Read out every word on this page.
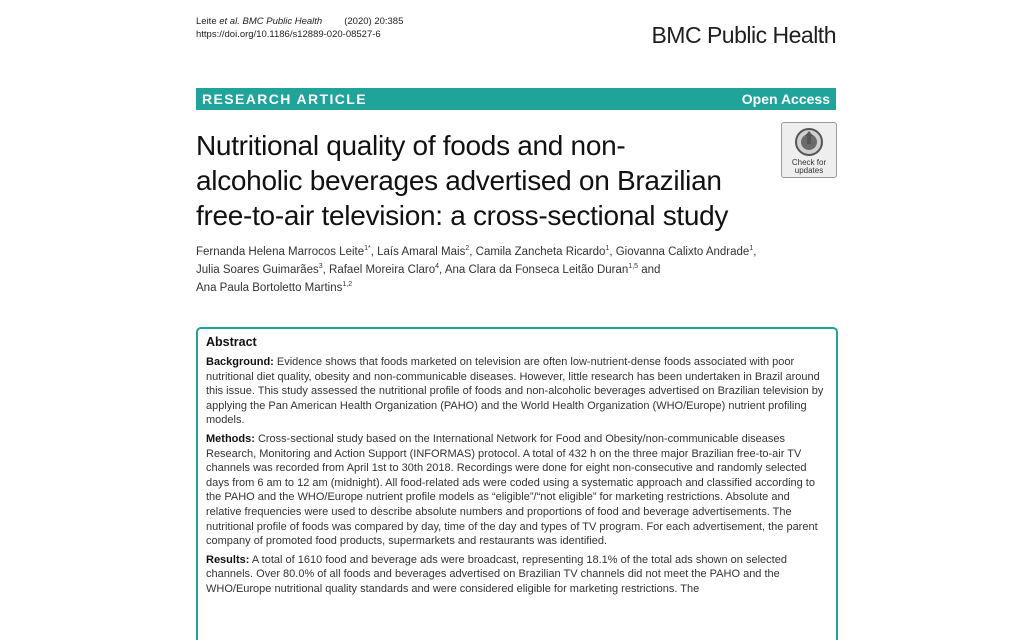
Leite et al. BMC Public Health (2020) 20:385
https://doi.org/10.1186/s12889-020-08527-6	BMC Public Health
RESEARCH ARTICLE	Open Access
Nutritional quality of foods and non-
alcoholic beverages advertised on Brazilian
free-to-air television: a cross-sectional study
Check for
updates
Fernanda Helena Marrocos Leite$^{1*}$, Laís Amaral Mais$^2$, Camila Zancheta Ricardo$^1$, Giovanna Calixto Andrade$^1$,
Julia Soares Guimarães$^3$, Rafael Moreira Claro$^4$, Ana Clara da Fonseca Leitão Duran$^{1,5}$ and
Ana Paula Bortoletto Martins$^{1,2}$
Abstract

Background: Evidence shows that foods marketed on television are often low-nutrient-dense foods associated with poor nutritional diet quality, obesity and non-communicable diseases. However, little research has been undertaken in Brazil around this issue. This study assessed the nutritional profile of foods and non-alcoholic beverages advertised on Brazilian television by applying the Pan American Health Organization (PAHO) and the World Health Organization (WHO/Europe) nutrient profiling models.

Methods: Cross-sectional study based on the International Network for Food and Obesity/non-communicable diseases Research, Monitoring and Action Support (INFORMAS) protocol. A total of 432 h on the three major Brazilian free-to-air TV channels was recorded from April 1st to 30th 2018. Recordings were done for eight non-consecutive and randomly selected days from 6 am to 12 am (midnight). All food-related ads were coded using a systematic approach and classified according to the PAHO and the WHO/Europe nutrient profile models as “eligible”/“not eligible” for marketing restrictions. Absolute and relative frequencies were used to describe absolute numbers and proportions of food and beverage advertisements. The nutritional profile of foods was compared by day, time of the day and types of TV program. For each advertisement, the parent company of promoted food products, supermarkets and restaurants was identified.

Results: A total of 1610 food and beverage ads were broadcast, representing 18.1% of the total ads shown on selected channels. Over 80.0% of all foods and beverages advertised on Brazilian TV channels did not meet the PAHO and the WHO/Europe nutritional quality standards and were considered eligible for marketing restrictions. The
